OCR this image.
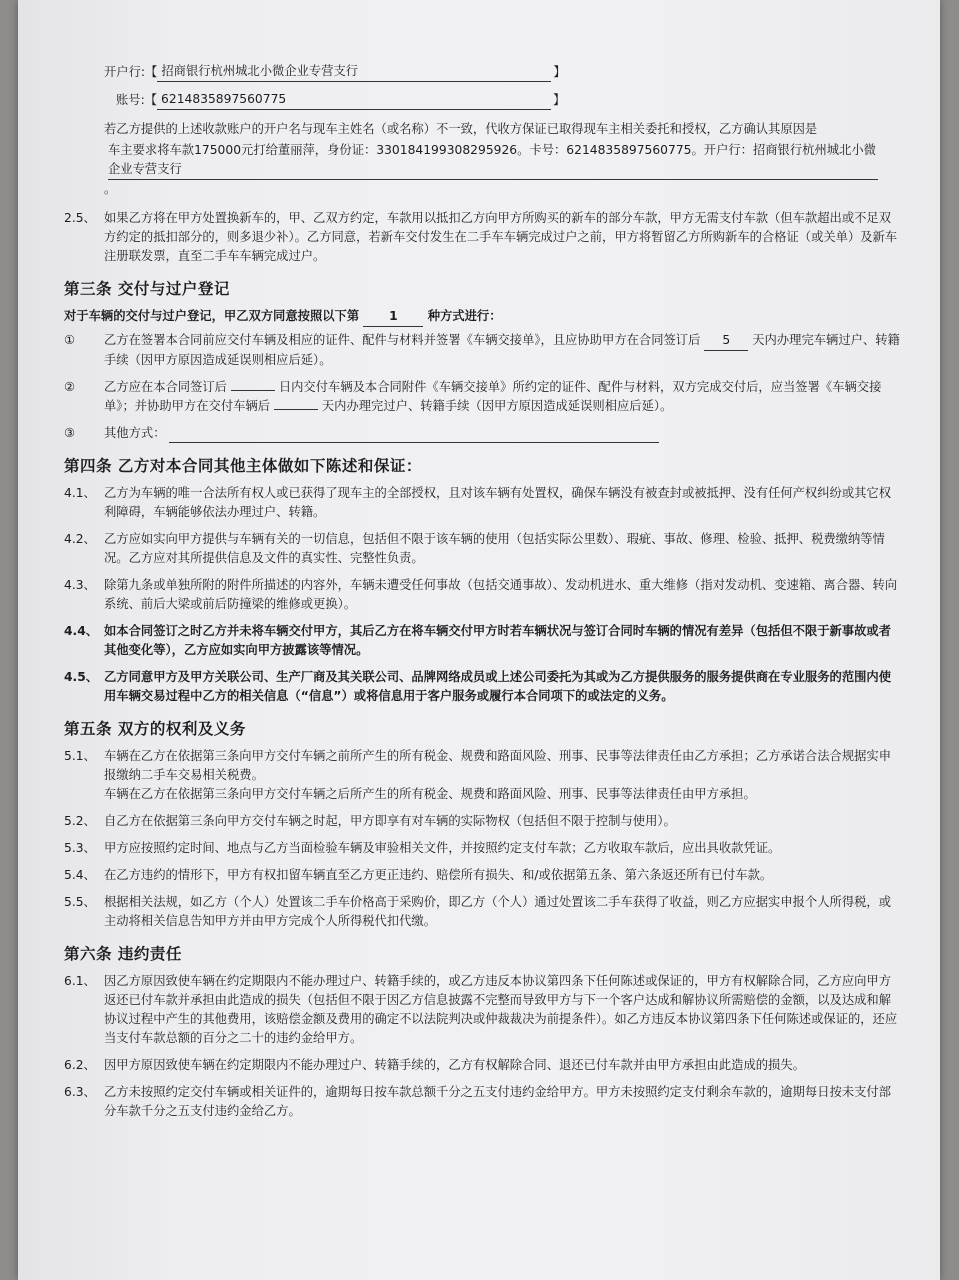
开户行:【 招商银行杭州城北小微企业专营支行	】
账号:【 6214835897560775	】

若乙方提供的上述收款账户的开户名与现车主姓名（或名称）不一致，代收方保证已取得现车主相关委托和授权，乙方确认其原因是

车主要求将车款175000元打给董丽萍，身份证：330184199308295926。卡号：6214835897560775。开户行：招商银行杭州城北小微企业专营支行
。
2.5、 如果乙方将在甲方处置换新车的，甲、乙双方约定，车款用以抵扣乙方向甲方所购买的新车的部分车款，甲方无需支付车款（但车款超出或不足双方约定的抵扣部分的，则多退少补）。乙方同意，若新车交付发生在二手车车辆完成过户之前，甲方将暂留乙方所购新车的合格证（或关单）及新车注册联发票，直至二手车车辆完成过户。
第三条 交付与过户登记
对于车辆的交付与过户登记，甲乙双方同意按照以下第 1 种方式进行：
①	乙方在签署本合同前应交付车辆及相应的证件、配件与材料并签署《车辆交接单》，且应协助甲方在合同签订后 5 天内办理完车辆过户、转籍手续（因甲方原因造成延误则相应后延）。
②	乙方应在本合同签订后	日内交付车辆及本合同附件《车辆交接单》所约定的证件、配件与材料，双方完成交付后，应当签署《车辆交接单》；并协助甲方在交付车辆后	天内办理完过户、转籍手续（因甲方原因造成延误则相应后延）。
③	其他方式：
第四条 乙方对本合同其他主体做如下陈述和保证：
4.1、 乙方为车辆的唯一合法所有权人或已获得了现车主的全部授权，且对该车辆有处置权，确保车辆没有被查封或被抵押、没有任何产权纠纷或其它权利障碍，车辆能够依法办理过户、转籍。
4.2、 乙方应如实向甲方提供与车辆有关的一切信息，包括但不限于该车辆的使用（包括实际公里数）、瑕疵、事故、修理、检验、抵押、税费缴纳等情况。乙方应对其所提供信息及文件的真实性、完整性负责。
4.3、 除第九条或单独所附的附件所描述的内容外，车辆未遭受任何事故（包括交通事故）、发动机进水、重大维修（指对发动机、变速箱、离合器、转向系统、前后大梁或前后防撞梁的维修或更换）。
4.4、 如本合同签订之时乙方并未将车辆交付甲方，其后乙方在将车辆交付甲方时若车辆状况与签订合同时车辆的情况有差异（包括但不限于新事故或者其他变化等），乙方应如实向甲方披露该等情况。
4.5、 乙方同意甲方及甲方关联公司、生产厂商及其关联公司、品牌网络成员或上述公司委托为其或为乙方提供服务的服务提供商在专业服务的范围内使用车辆交易过程中乙方的相关信息（“信息”）或将信息用于客户服务或履行本合同项下的或法定的义务。
第五条 双方的权利及义务
5.1、 车辆在乙方在依据第三条向甲方交付车辆之前所产生的所有税金、规费和路面风险、刑事、民事等法律责任由乙方承担；乙方承诺合法合规据实申报缴纳二手车交易相关税费。
车辆在乙方在依据第三条向甲方交付车辆之后所产生的所有税金、规费和路面风险、刑事、民事等法律责任由甲方承担。
5.2、 自乙方在依据第三条向甲方交付车辆之时起，甲方即享有对车辆的实际物权（包括但不限于控制与使用）。
5.3、 甲方应按照约定时间、地点与乙方当面检验车辆及审验相关文件，并按照约定支付车款；乙方收取车款后，应出具收款凭证。
5.4、 在乙方违约的情形下，甲方有权扣留车辆直至乙方更正违约、赔偿所有损失、和/或依据第五条、第六条返还所有已付车款。
5.5、 根据相关法规，如乙方（个人）处置该二手车价格高于采购价，即乙方（个人）通过处置该二手车获得了收益，则乙方应据实申报个人所得税，或主动将相关信息告知甲方并由甲方完成个人所得税代扣代缴。
第六条 违约责任
6.1、 因乙方原因致使车辆在约定期限内不能办理过户、转籍手续的，或乙方违反本协议第四条下任何陈述或保证的，甲方有权解除合同，乙方应向甲方返还已付车款并承担由此造成的损失（包括但不限于因乙方信息披露不完整而导致甲方与下一个客户达成和解协议所需赔偿的金额，以及达成和解协议过程中产生的其他费用，该赔偿金额及费用的确定不以法院判决或仲裁裁决为前提条件）。如乙方违反本协议第四条下任何陈述或保证的，还应当支付车款总额的百分之二十的违约金给甲方。
6.2、 因甲方原因致使车辆在约定期限内不能办理过户、转籍手续的，乙方有权解除合同、退还已付车款并由甲方承担由此造成的损失。
6.3、 乙方未按照约定交付车辆或相关证件的，逾期每日按车款总额千分之五支付违约金给甲方。甲方未按照约定支付剩余车款的，逾期每日按未支付部分车款千分之五支付违约金给乙方。
